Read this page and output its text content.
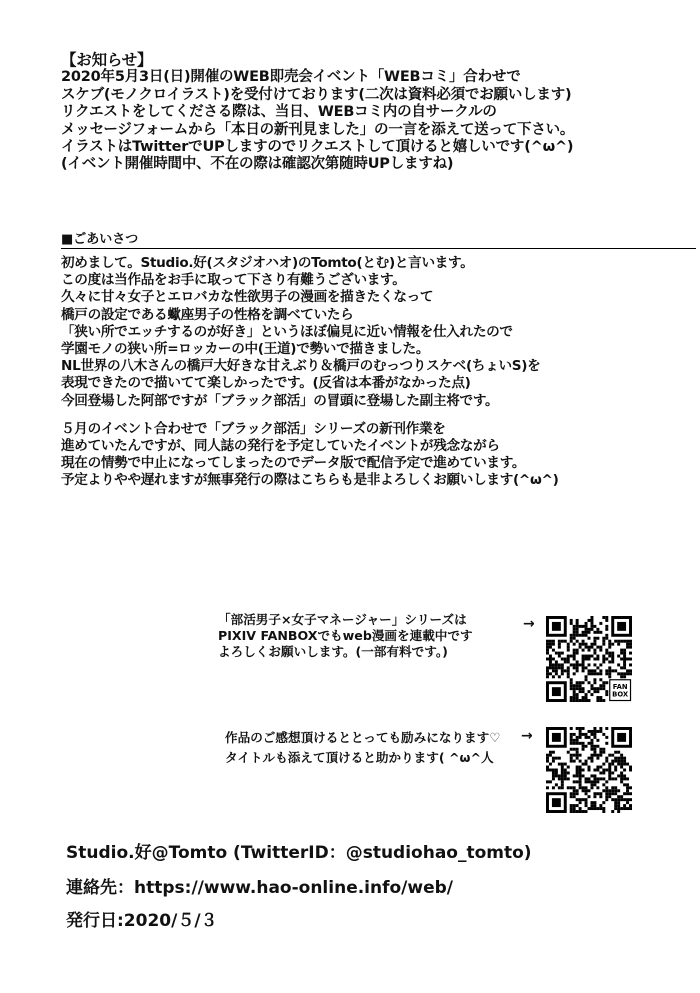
【お知らせ】
2020年5月3日(日)開催のWEB即売会イベント「WEBコミ」合わせで
スケブ(モノクロイラスト)を受付けております(二次は資料必須でお願いします)
リクエストをしてくださる際は、当日、WEBコミ内の自サークルの
メッセージフォームから「本日の新刊見ました」の一言を添えて送って下さい。
イラストはTwitterでUPしますのでリクエストして頂けると嬉しいです(^ω^)
(イベント開催時間中、不在の際は確認次第随時UPしますね)
■ごあいさつ
初めまして。Studio.好(スタジオハオ)のTomto(とむ)と言います。
この度は当作品をお手に取って下さり有難うございます。
久々に甘々女子とエロバカな性欲男子の漫画を描きたくなって
橋戸の設定である蠍座男子の性格を調べていたら
「狭い所でエッチするのが好き」というほぼ偏見に近い情報を仕入れたので
学園モノの狭い所=ロッカーの中(王道)で勢いで描きました。
NL世界の八木さんの橋戸大好きな甘えぶり＆橋戸のむっつりスケベ(ちょいS)を
表現できたので描いてて楽しかったです。(反省は本番がなかった点)
今回登場した阿部ですが「ブラック部活」の冒頭に登場した副主将です。
５月のイベント合わせで「ブラック部活」シリーズの新刊作業を
進めていたんですが、同人誌の発行を予定していたイベントが残念ながら
現在の情勢で中止になってしまったのでデータ版で配信予定で進めています。
予定よりやや遅れますが無事発行の際はこちらも是非よろしくお願いします(^ω^)
「部活男子×女子マネージャー」シリーズは
PIXIV FANBOXでもweb漫画を連載中です
よろしくお願いします。(一部有料です。)
→
FAN
BOX
作品のご感想頂けるととっても励みになります♡
タイトルも添えて頂けると助かります( ^ω^人
→
Studio.好@Tomto (TwitterID：@studiohao_tomto)
連絡先：https://www.hao-online.info/web/
発行日:2020/５/３
